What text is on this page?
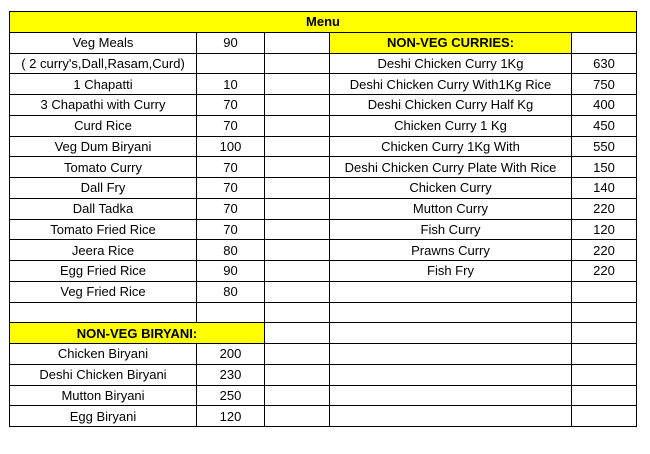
Menu				
Veg Meals	90		NON-VEG CURRIES:	
( 2 curry's,Dall,Rasam,Curd)			Deshi Chicken Curry 1Kg	630
1 Chapatti	10		Deshi Chicken Curry With1Kg Rice	750
3 Chapathi with Curry	70		Deshi Chicken Curry Half Kg	400
Curd Rice	70		Chicken Curry 1 Kg	450
Veg Dum Biryani	100		Chicken Curry 1Kg With	550
Tomato Curry	70		Deshi Chicken Curry Plate With Rice	150
Dall Fry	70		Chicken Curry	140
Dall Tadka	70		Mutton Curry	220
Tomato Fried Rice	70		Fish Curry	120
Jeera Rice	80		Prawns Curry	220
Egg Fried Rice	90		Fish Fry	220
Veg Fried Rice	80			

NON-VEG BIRYANI:				
Chicken Biryani	200			
Deshi Chicken Biryani	230			
Mutton Biryani	250			
Egg Biryani	120			
